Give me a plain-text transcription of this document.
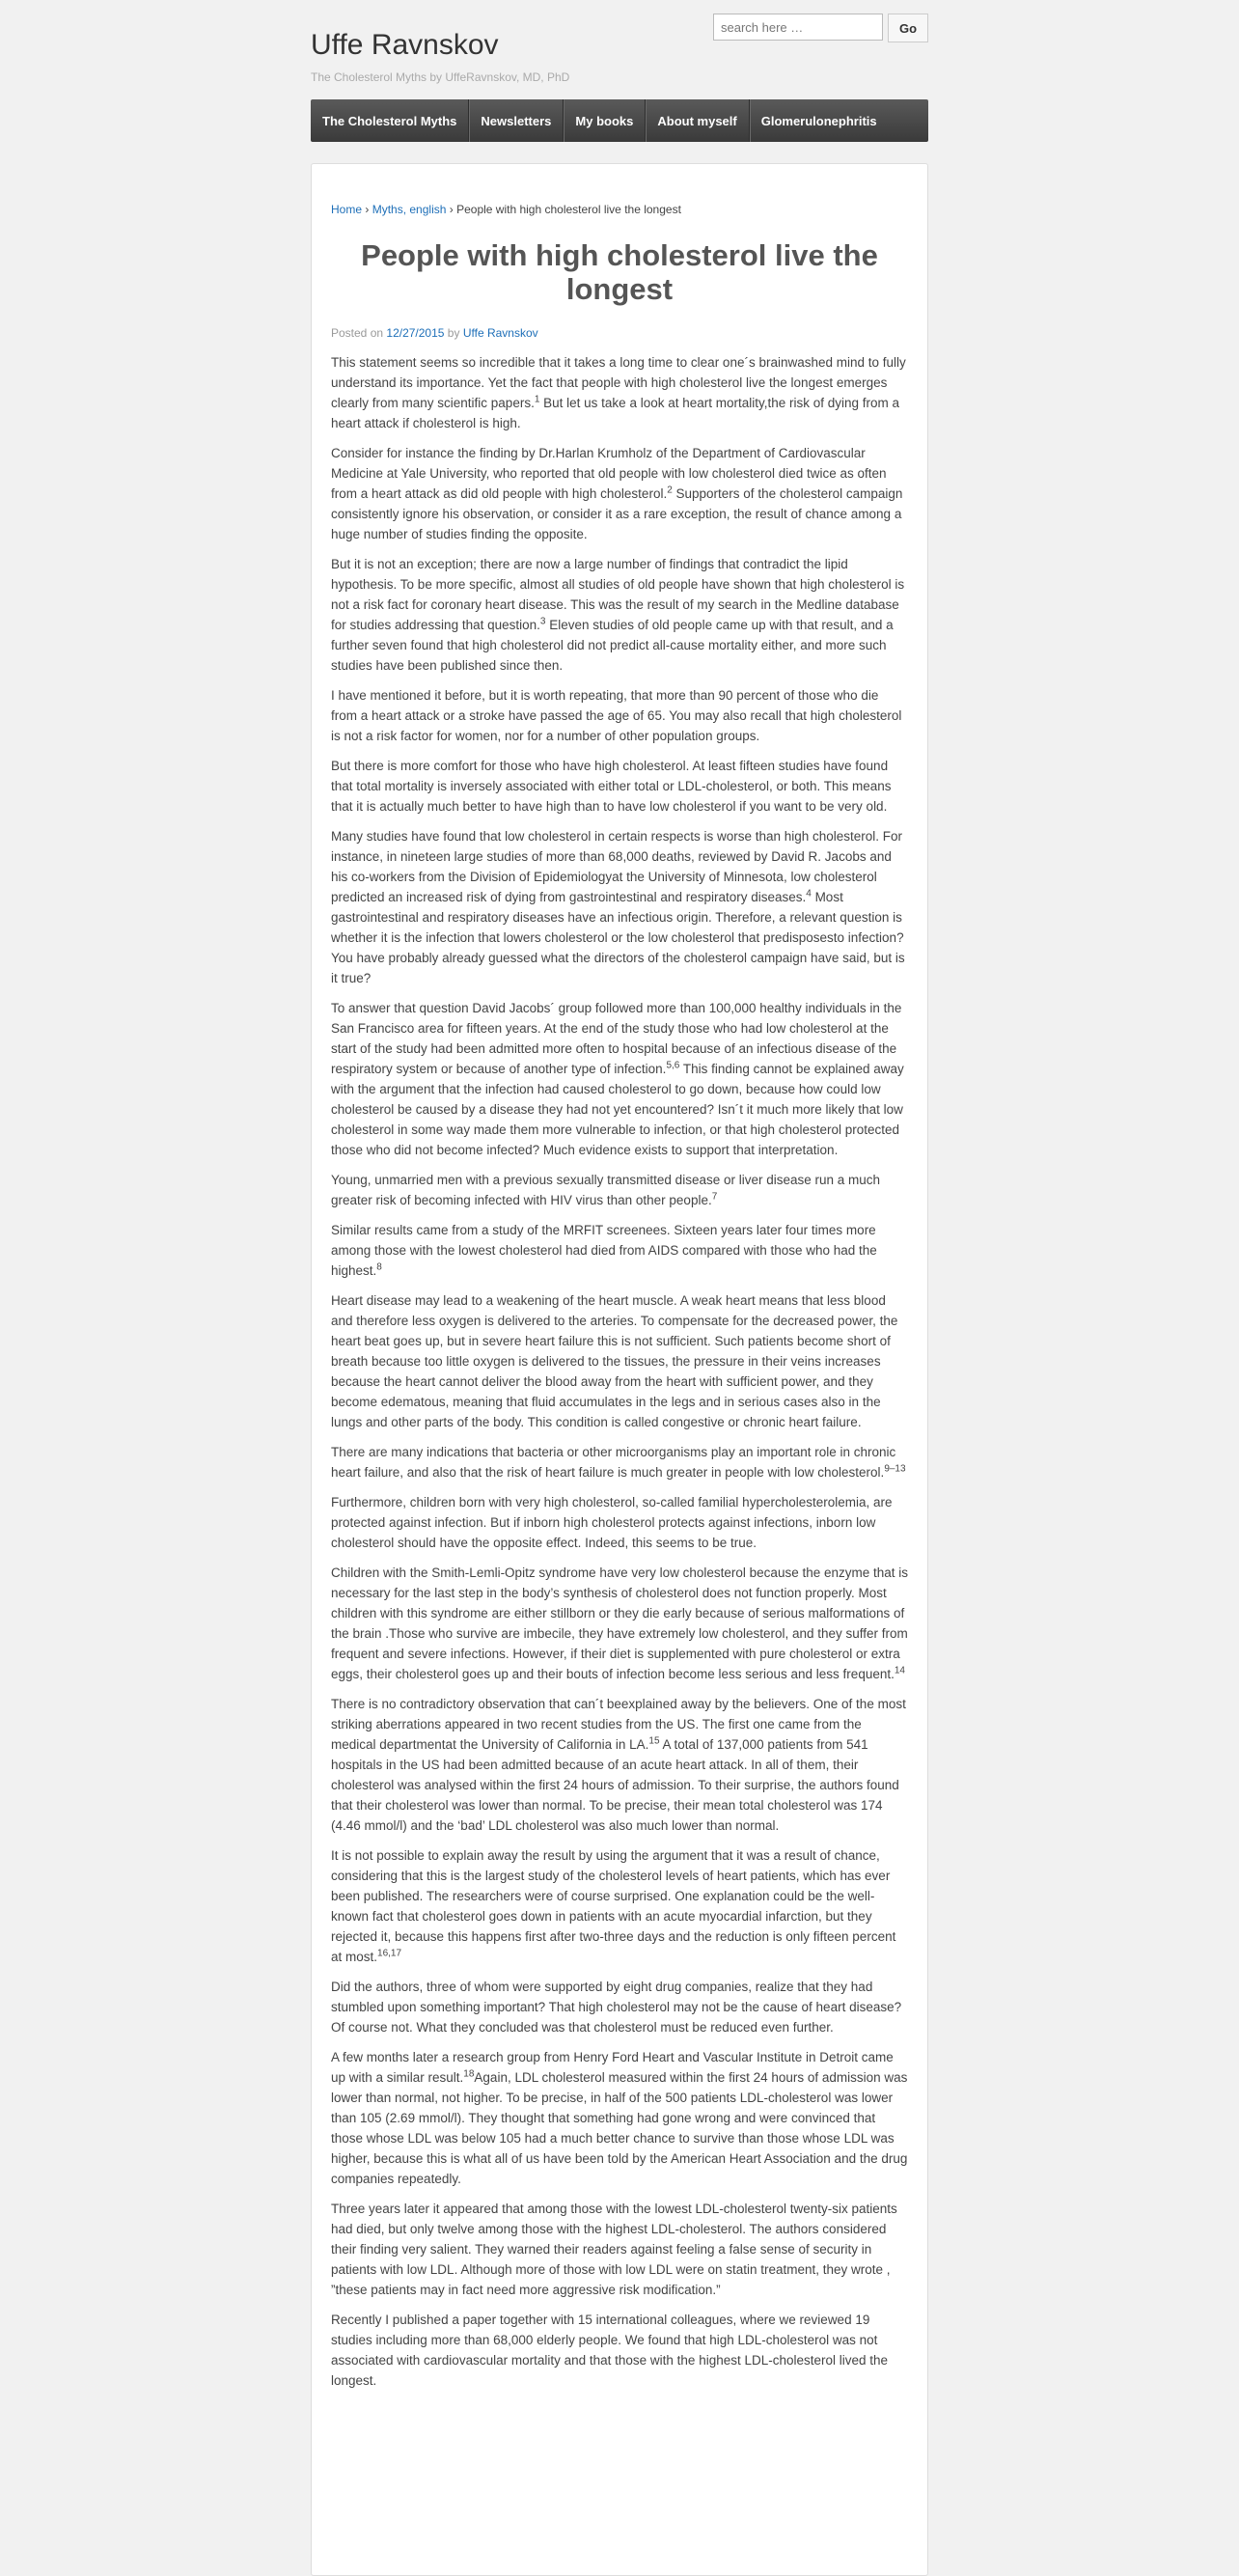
Uffe Ravnskov
The Cholesterol Myths by UffeRavnskov, MD, PhD
search here …
Go
The Cholesterol Myths	Newsletters	My books	About myself	Glomerulonephritis
Home › Myths, english › People with high cholesterol live the longest
People with high cholesterol live the longest
Posted on 12/27/2015 by Uffe Ravnskov

This statement seems so incredible that it takes a long time to clear one´s brainwashed mind to fully understand its importance. Yet the fact that people with high cholesterol live the longest emerges clearly from many scientific papers.$^1$ But let us take a look at heart mortality,the risk of dying from a heart attack if cholesterol is high.

Consider for instance the finding by Dr.Harlan Krumholz of the Department of Cardiovascular Medicine at Yale University, who reported that old people with low cholesterol died twice as often from a heart attack as did old people with high cholesterol.$^2$ Supporters of the cholesterol campaign consistently ignore his observation, or consider it as a rare exception, the result of chance among a huge number of studies finding the opposite.

But it is not an exception; there are now a large number of findings that contradict the lipid hypothesis. To be more specific, almost all studies of old people have shown that high cholesterol is not a risk fact for coronary heart disease. This was the result of my search in the Medline database for studies addressing that question.$^3$ Eleven studies of old people came up with that result, and a further seven found that high cholesterol did not predict all-cause mortality either, and more such studies have been published since then.

I have mentioned it before, but it is worth repeating, that more than 90 percent of those who die from a heart attack or a stroke have passed the age of 65. You may also recall that high cholesterol is not a risk factor for women, nor for a number of other population groups.

But there is more comfort for those who have high cholesterol. At least fifteen studies have found that total mortality is inversely associated with either total or LDL-cholesterol, or both. This means that it is actually much better to have high than to have low cholesterol if you want to be very old.

Many studies have found that low cholesterol in certain respects is worse than high cholesterol. For instance, in nineteen large studies of more than 68,000 deaths, reviewed by David R. Jacobs and his co-workers from the Division of Epidemiologyat the University of Minnesota, low cholesterol predicted an increased risk of dying from gastrointestinal and respiratory diseases.$^4$ Most gastrointestinal and respiratory diseases have an infectious origin. Therefore, a relevant question is whether it is the infection that lowers cholesterol or the low cholesterol that predisposesto infection? You have probably already guessed what the directors of the cholesterol campaign have said, but is it true?

To answer that question David Jacobs´ group followed more than 100,000 healthy individuals in the San Francisco area for fifteen years. At the end of the study those who had low cholesterol at the start of the study had been admitted more often to hospital because of an infectious disease of the respiratory system or because of another type of infection.$^{5,6}$ This finding cannot be explained away with the argument that the infection had caused cholesterol to go down, because how could low cholesterol be caused by a disease they had not yet encountered? Isn´t it much more likely that low cholesterol in some way made them more vulnerable to infection, or that high cholesterol protected those who did not become infected? Much evidence exists to support that interpretation.

Young, unmarried men with a previous sexually transmitted disease or liver disease run a much greater risk of becoming infected with HIV virus than other people.$^7$

Similar results came from a study of the MRFIT screenees. Sixteen years later four times more among those with the lowest cholesterol had died from AIDS compared with those who had the highest.$^8$

Heart disease may lead to a weakening of the heart muscle. A weak heart means that less blood and therefore less oxygen is delivered to the arteries. To compensate for the decreased power, the heart beat goes up, but in severe heart failure this is not sufficient. Such patients become short of breath because too little oxygen is delivered to the tissues, the pressure in their veins increases because the heart cannot deliver the blood away from the heart with sufficient power, and they become edematous, meaning that fluid accumulates in the legs and in serious cases also in the lungs and other parts of the body. This condition is called congestive or chronic heart failure.

There are many indications that bacteria or other microorganisms play an important role in chronic heart failure, and also that the risk of heart failure is much greater in people with low cholesterol.$^{9-13}$

Furthermore, children born with very high cholesterol, so-called familial hypercholesterolemia, are protected against infection. But if inborn high cholesterol protects against infections, inborn low cholesterol should have the opposite effect. Indeed, this seems to be true.

Children with the Smith-Lemli-Opitz syndrome have very low cholesterol because the enzyme that is necessary for the last step in the body’s synthesis of cholesterol does not function properly. Most children with this syndrome are either stillborn or they die early because of serious malformations of the brain .Those who survive are imbecile, they have extremely low cholesterol, and they suffer from frequent and severe infections. However, if their diet is supplemented with pure cholesterol or extra eggs, their cholesterol goes up and their bouts of infection become less serious and less frequent.$^{14}$

There is no contradictory observation that can´t beexplained away by the believers. One of the most striking aberrations appeared in two recent studies from the US. The first one came from the medical departmentat the University of California in LA.$^{15}$ A total of 137,000 patients from 541 hospitals in the US had been admitted because of an acute heart attack. In all of them, their cholesterol was analysed within the first 24 hours of admission. To their surprise, the authors found that their cholesterol was lower than normal. To be precise, their mean total cholesterol was 174 (4.46 mmol/l) and the ‘bad’ LDL cholesterol was also much lower than normal.

It is not possible to explain away the result by using the argument that it was a result of chance, considering that this is the largest study of the cholesterol levels of heart patients, which has ever been published. The researchers were of course surprised. One explanation could be the well-known fact that cholesterol goes down in patients with an acute myocardial infarction, but they rejected it, because this happens first after two-three days and the reduction is only fifteen percent at most.$^{16,17}$

Did the authors, three of whom were supported by eight drug companies, realize that they had stumbled upon something important? That high cholesterol may not be the cause of heart disease?
Of course not. What they concluded was that cholesterol must be reduced even further.

A few months later a research group from Henry Ford Heart and Vascular Institute in Detroit came up with a similar result.$^{18}$Again, LDL cholesterol measured within the first 24 hours of admission was lower than normal, not higher. To be precise, in half of the 500 patients LDL-cholesterol was lower than 105 (2.69 mmol/l). They thought that something had gone wrong and were convinced that those whose LDL was below 105 had a much better chance to survive than those whose LDL was higher, because this is what all of us have been told by the American Heart Association and the drug companies repeatedly.

Three years later it appeared that among those with the lowest LDL-cholesterol twenty-six patients had died, but only twelve among those with the highest LDL-cholesterol. The authors considered their finding very salient. They warned their readers against feeling a false sense of security in patients with low LDL. Although more of those with low LDL were on statin treatment, they wrote , ”these patients may in fact need more aggressive risk modification.”

Recently I published a paper together with 15 international colleagues, where we reviewed 19 studies including more than 68,000 elderly people. We found that high LDL-cholesterol was not associated with cardiovascular mortality and that those with the highest LDL-cholesterol lived the longest.
